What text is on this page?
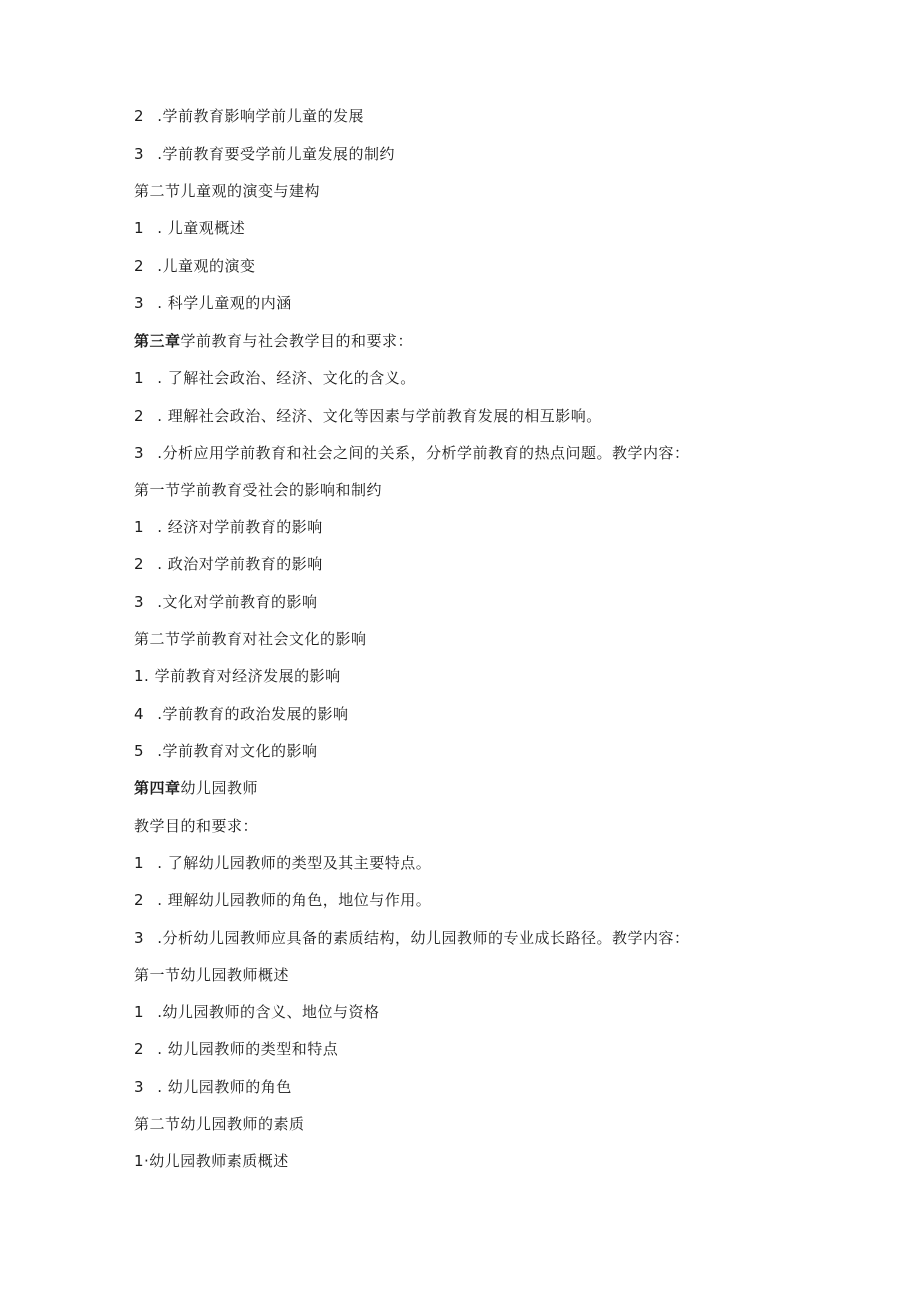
2 .学前教育影响学前儿童的发展
3 .学前教育要受学前儿童发展的制约
第二节儿童观的演变与建构
1 . 儿童观概述
2 .儿童观的演变
3 . 科学儿童观的内涵
第三章学前教育与社会教学目的和要求：
1 . 了解社会政治、经济、文化的含义。
2 . 理解社会政治、经济、文化等因素与学前教育发展的相互影响。
3 .分析应用学前教育和社会之间的关系，分析学前教育的热点问题。教学内容：
第一节学前教育受社会的影响和制约
1 . 经济对学前教育的影响
2 . 政治对学前教育的影响
3 .文化对学前教育的影响
第二节学前教育对社会文化的影响
1. 学前教育对经济发展的影响
4 .学前教育的政治发展的影响
5 .学前教育对文化的影响
第四章幼儿园教师
教学目的和要求：
1 . 了解幼儿园教师的类型及其主要特点。
2 . 理解幼儿园教师的角色，地位与作用。
3 .分析幼儿园教师应具备的素质结构，幼儿园教师的专业成长路径。教学内容：
第一节幼儿园教师概述
1 .幼儿园教师的含义、地位与资格
2 . 幼儿园教师的类型和特点
3 . 幼儿园教师的角色
第二节幼儿园教师的素质
1·幼儿园教师素质概述
